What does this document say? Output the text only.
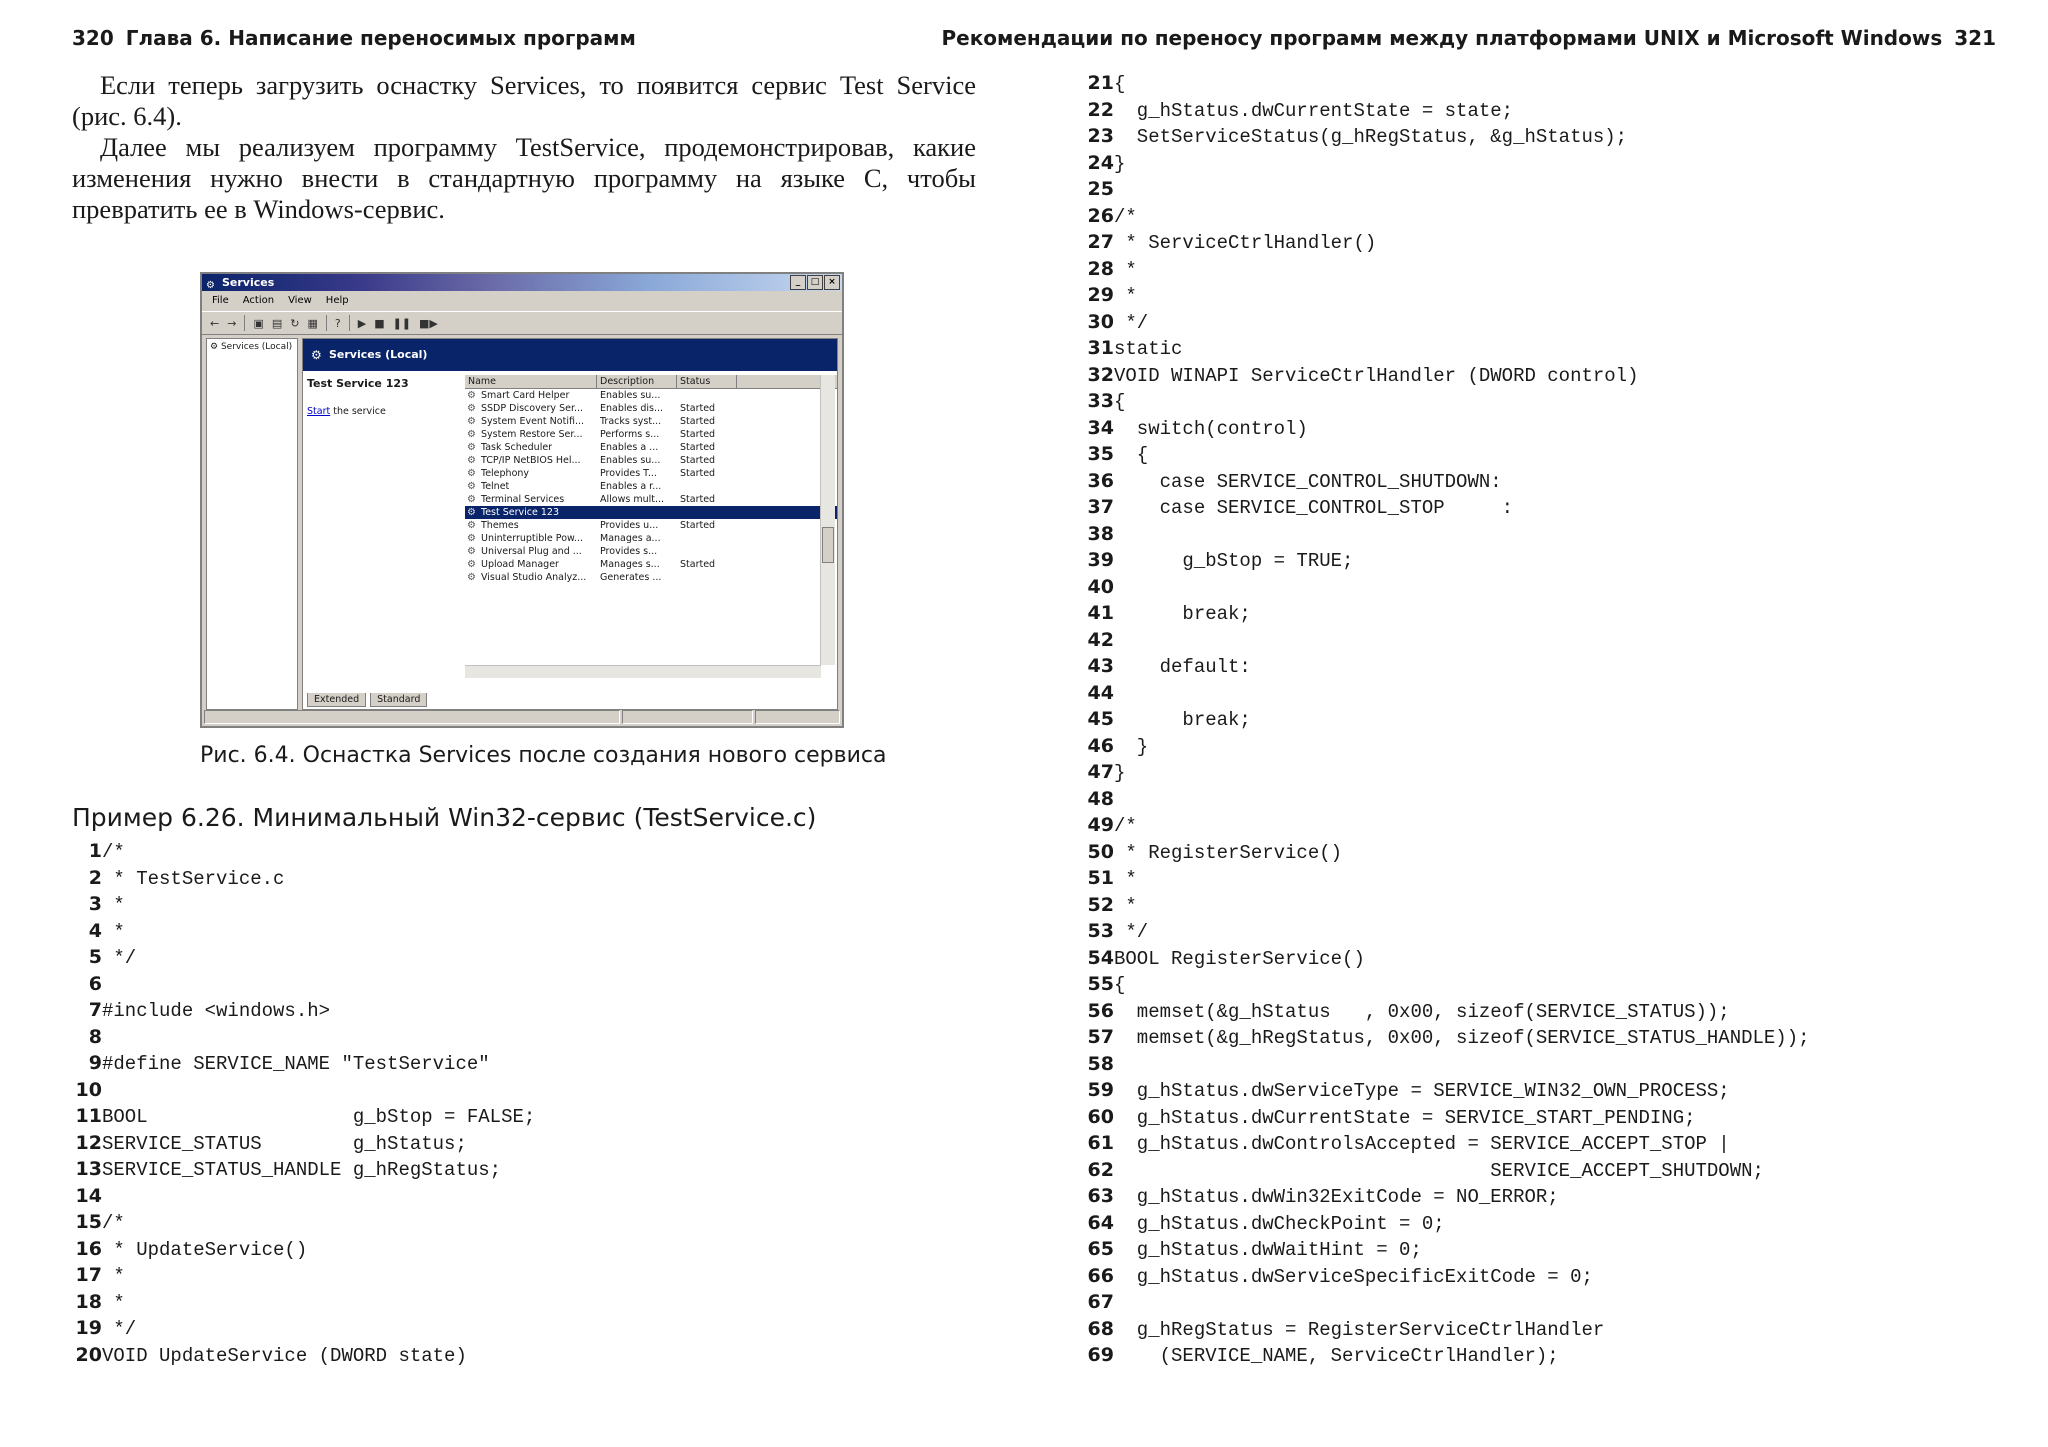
320 Глава 6. Написание переносимых программ

Если теперь загрузить оснастку Services, то появится сервис Test Service (рис. 6.4).

Далее мы реализуем программу TestService, продемонстрировав, какие изменения нужно внести в стандартную программу на языке C, чтобы превратить ее в Windows-сервис.

⚙ Services	_	□ ×
File Action View Help
← → ▣ ▤ ↻ ▦ ? ▶ ■ ❚❚ ■▶
⚙ Services (Local)
⚙ Services (Local)
Test Service 123
Start the service
Name	Description	Status
⚙ Smart Card Helper	Enables su...
⚙ SSDP Discovery Ser...	Enables dis...	Started
⚙ System Event Notifi...	Tracks syst...	Started
⚙ System Restore Ser...	Performs s...	Started
⚙ Task Scheduler	Enables a ...	Started
⚙ TCP/IP NetBIOS Hel...	Enables su...	Started
⚙ Telephony	Provides T...	Started
⚙ Telnet	Enables a r...
⚙ Terminal Services	Allows mult...	Started
⚙ Test Service 123
⚙ Themes	Provides u...	Started
⚙ Uninterruptible Pow...	Manages a...
⚙ Universal Plug and ...	Provides s...
⚙ Upload Manager	Manages s...	Started
⚙ Visual Studio Analyz...	Generates ...
Extended	Standard
Рис. 6.4. Оснастка Services после создания нового сервиса
Пример 6.26. Минимальный Win32-сервис (TestService.c)
1/*
2 * TestService.c
3 *
4 *
5 */
6
7#include <windows.h>
8
9#define SERVICE_NAME "TestService"
10
11BOOL                  g_bStop = FALSE;
12SERVICE_STATUS        g_hStatus;
13SERVICE_STATUS_HANDLE g_hRegStatus;
14
15/*
16 * UpdateService()
17 *
18 *
19 */
20VOID UpdateService (DWORD state)
Рекомендации по переносу программ между платформами UNIX и Microsoft Windows 321
21{
22  g_hStatus.dwCurrentState = state;
23  SetServiceStatus(g_hRegStatus, &g_hStatus);
24}
25
26/*
27 * ServiceCtrlHandler()
28 *
29 *
30 */
31static
32VOID WINAPI ServiceCtrlHandler (DWORD control)
33{
34  switch(control)
35  {
36    case SERVICE_CONTROL_SHUTDOWN:
37    case SERVICE_CONTROL_STOP     :
38
39      g_bStop = TRUE;
40
41      break;
42
43    default:
44
45      break;
46  }
47}
48
49/*
50 * RegisterService()
51 *
52 *
53 */
54BOOL RegisterService()
55{
56  memset(&g_hStatus   , 0x00, sizeof(SERVICE_STATUS));
57  memset(&g_hRegStatus, 0x00, sizeof(SERVICE_STATUS_HANDLE));
58
59  g_hStatus.dwServiceType = SERVICE_WIN32_OWN_PROCESS;
60  g_hStatus.dwCurrentState = SERVICE_START_PENDING;
61  g_hStatus.dwControlsAccepted = SERVICE_ACCEPT_STOP |
62                                 SERVICE_ACCEPT_SHUTDOWN;
63  g_hStatus.dwWin32ExitCode = NO_ERROR;
64  g_hStatus.dwCheckPoint = 0;
65  g_hStatus.dwWaitHint = 0;
66  g_hStatus.dwServiceSpecificExitCode = 0;
67
68  g_hRegStatus = RegisterServiceCtrlHandler
69    (SERVICE_NAME, ServiceCtrlHandler);
